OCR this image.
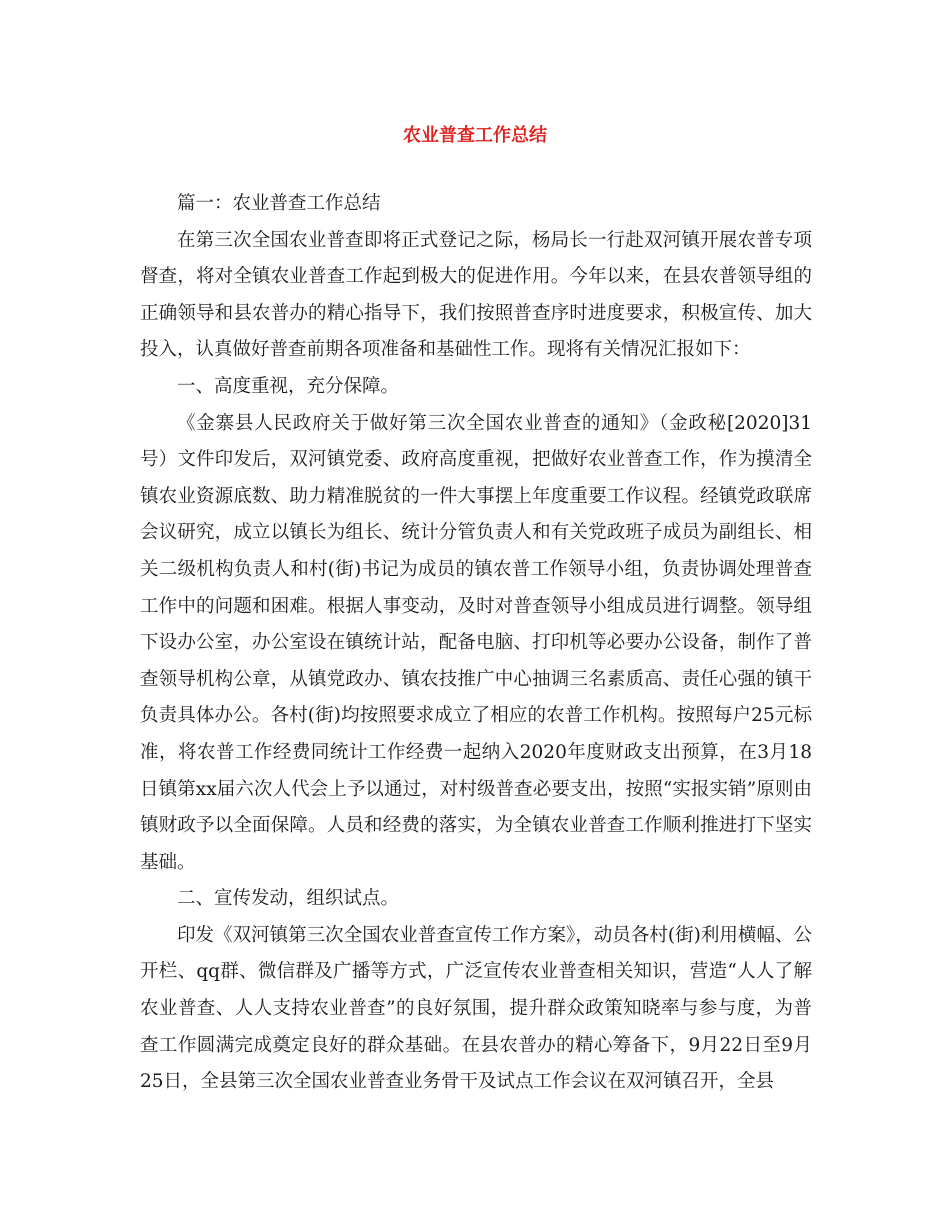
农业普查工作总结

篇一：农业普查工作总结

在第三次全国农业普查即将正式登记之际，杨局长一行赴双河镇开展农普专项督查，将对全镇农业普查工作起到极大的促进作用。今年以来，在县农普领导组的正确领导和县农普办的精心指导下，我们按照普查序时进度要求，积极宣传、加大投入，认真做好普查前期各项准备和基础性工作。现将有关情况汇报如下：

一、高度重视，充分保障。

《金寨县人民政府关于做好第三次全国农业普查的通知》（金政秘[2020]31号）文件印发后，双河镇党委、政府高度重视，把做好农业普查工作，作为摸清全镇农业资源底数、助力精准脱贫的一件大事摆上年度重要工作议程。经镇党政联席会议研究，成立以镇长为组长、统计分管负责人和有关党政班子成员为副组长、相关二级机构负责人和村(街)书记为成员的镇农普工作领导小组，负责协调处理普查工作中的问题和困难。根据人事变动，及时对普查领导小组成员进行调整。领导组下设办公室，办公室设在镇统计站，配备电脑、打印机等必要办公设备，制作了普查领导机构公章，从镇党政办、镇农技推广中心抽调三名素质高、责任心强的镇干负责具体办公。各村(街)均按照要求成立了相应的农普工作机构。按照每户25元标准，将农普工作经费同统计工作经费一起纳入2020年度财政支出预算，在3月18日镇第xx届六次人代会上予以通过，对村级普查必要支出，按照“实报实销”原则由镇财政予以全面保障。人员和经费的落实，为全镇农业普查工作顺利推进打下坚实基础。

二、宣传发动，组织试点。

印发《双河镇第三次全国农业普查宣传工作方案》，动员各村(街)利用横幅、公开栏、qq群、微信群及广播等方式，广泛宣传农业普查相关知识，营造“人人了解农业普查、人人支持农业普查”的良好氛围，提升群众政策知晓率与参与度，为普查工作圆满完成奠定良好的群众基础。在县农普办的精心筹备下，9月22日至9月25日，全县第三次全国农业普查业务骨干及试点工作会议在双河镇召开，全县
